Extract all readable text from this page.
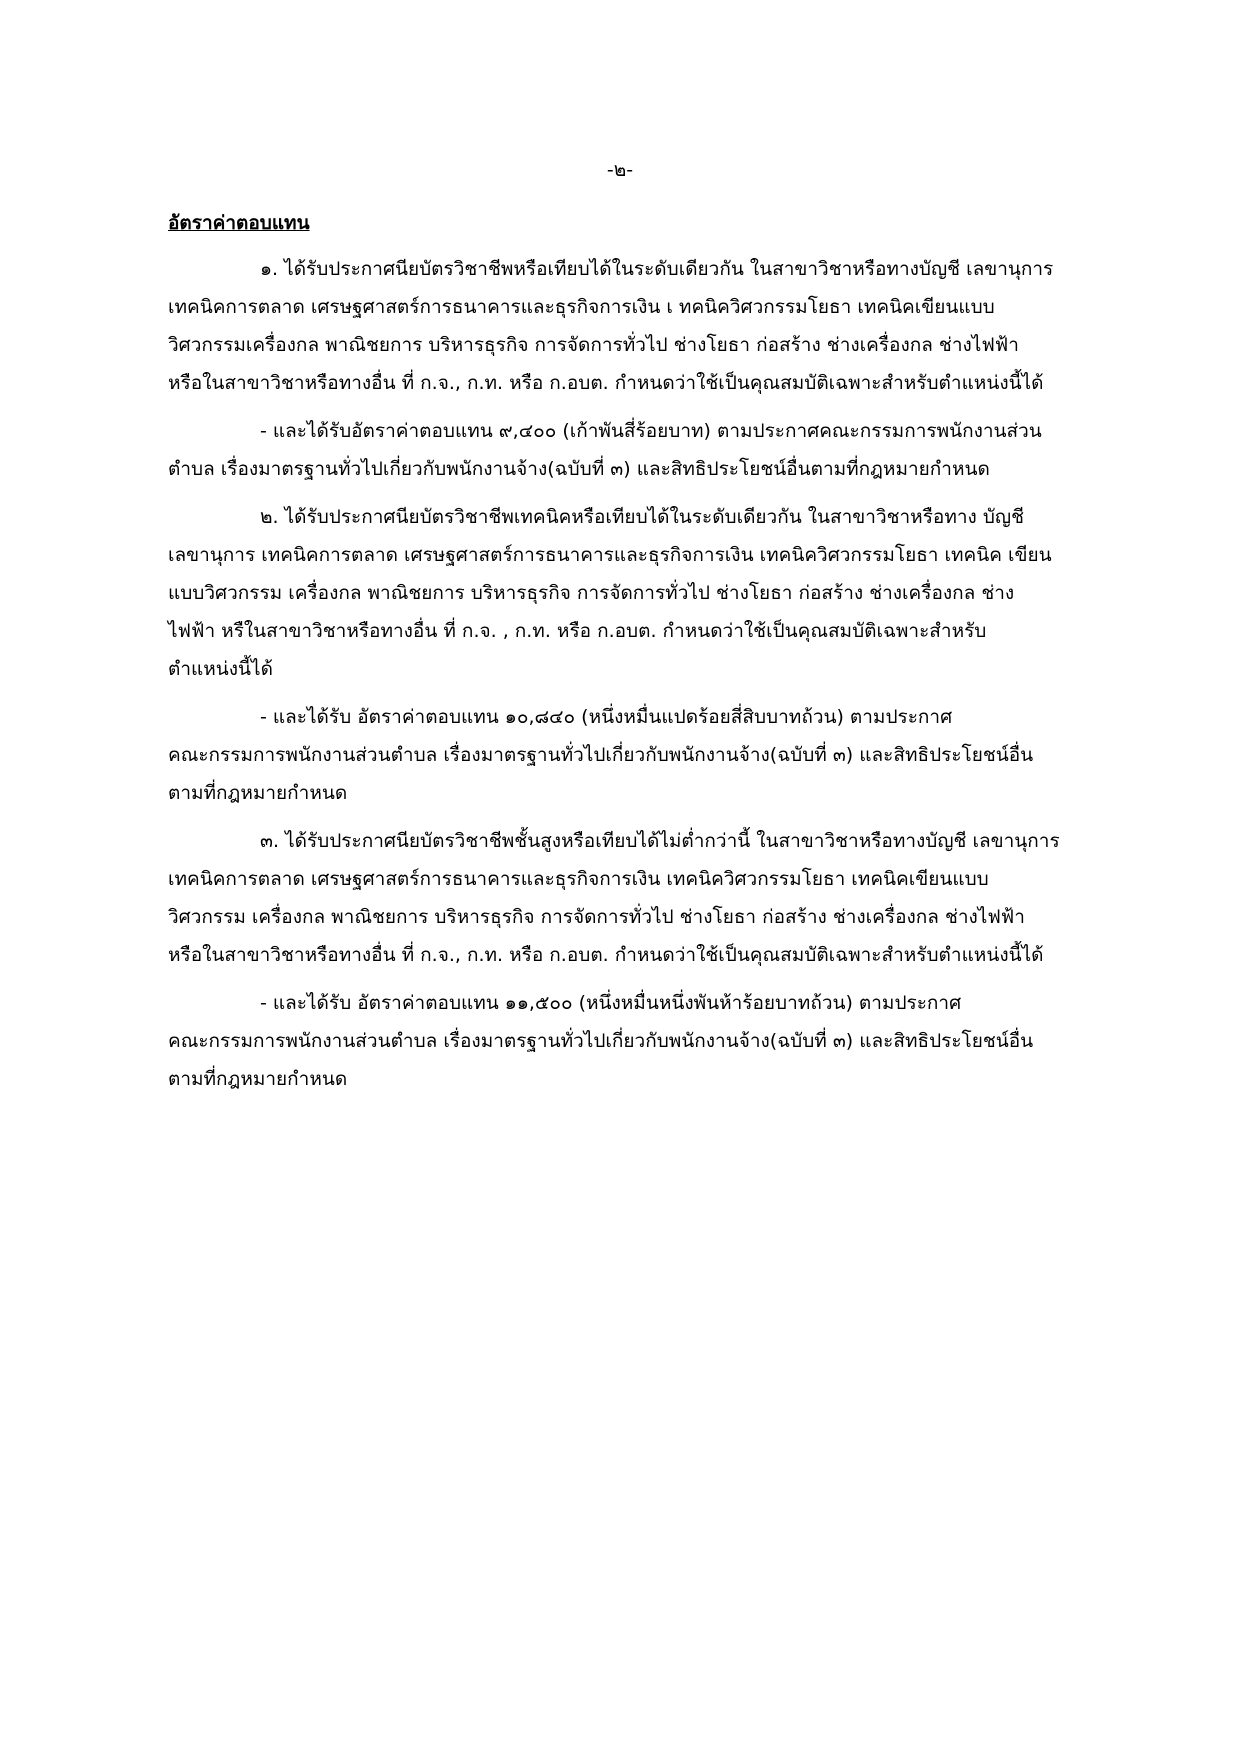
-๒-
อัตราค่าตอบแทน
๑. ได้รับประกาศนียบัตรวิชาชีพหรือเทียบได้ในระดับเดียวกัน ในสาขาวิชาหรือทางบัญชี เลขานุการ
เทคนิคการตลาด เศรษฐศาสตร์การธนาคารและธุรกิจการเงิน เ ทคนิควิศวกรรมโยธา เทคนิคเขียนแบบ
วิศวกรรมเครื่องกล พาณิชยการ บริหารธุรกิจ การจัดการทั่วไป ช่างโยธา ก่อสร้าง ช่างเครื่องกล ช่างไฟฟ้า
หรือในสาขาวิชาหรือทางอื่น ที่ ก.จ., ก.ท. หรือ ก.อบต. กำหนดว่าใช้เป็นคุณสมบัติเฉพาะสำหรับตำแหน่งนี้ได้
- และได้รับอัตราค่าตอบแทน ๙,๔๐๐ (เก้าพันสี่ร้อยบาท) ตามประกาศคณะกรรมการพนักงานส่วน
ตำบล เรื่องมาตรฐานทั่วไปเกี่ยวกับพนักงานจ้าง(ฉบับที่ ๓) และสิทธิประโยชน์อื่นตามที่กฎหมายกำหนด
๒. ได้รับประกาศนียบัตรวิชาชีพเทคนิคหรือเทียบได้ในระดับเดียวกัน ในสาขาวิชาหรือทาง บัญชี
เลขานุการ เทคนิคการตลาด เศรษฐศาสตร์การธนาคารและธุรกิจการเงิน เทคนิควิศวกรรมโยธา เทคนิค เขียน
แบบวิศวกรรม เครื่องกล พาณิชยการ บริหารธุรกิจ การจัดการทั่วไป ช่างโยธา ก่อสร้าง ช่างเครื่องกล ช่าง
ไฟฟ้า หรืในสาขาวิชาหรือทางอื่น ที่ ก.จ. , ก.ท. หรือ ก.อบต. กำหนดว่าใช้เป็นคุณสมบัติเฉพาะสำหรับ
ตำแหน่งนี้ได้
- และได้รับ อัตราค่าตอบแทน ๑๐,๘๔๐ (หนึ่งหมื่นแปดร้อยสี่สิบบาทถ้วน) ตามประกาศ
คณะกรรมการพนักงานส่วนตำบล เรื่องมาตรฐานทั่วไปเกี่ยวกับพนักงานจ้าง(ฉบับที่ ๓) และสิทธิประโยชน์อื่น
ตามที่กฎหมายกำหนด
๓. ได้รับประกาศนียบัตรวิชาชีพชั้นสูงหรือเทียบได้ไม่ต่ำกว่านี้ ในสาขาวิชาหรือทางบัญชี เลขานุการ
เทคนิคการตลาด เศรษฐศาสตร์การธนาคารและธุรกิจการเงิน เทคนิควิศวกรรมโยธา เทคนิคเขียนแบบ
วิศวกรรม เครื่องกล พาณิชยการ บริหารธุรกิจ การจัดการทั่วไป ช่างโยธา ก่อสร้าง ช่างเครื่องกล ช่างไฟฟ้า
หรือในสาขาวิชาหรือทางอื่น ที่ ก.จ., ก.ท. หรือ ก.อบต. กำหนดว่าใช้เป็นคุณสมบัติเฉพาะสำหรับตำแหน่งนี้ได้
- และได้รับ อัตราค่าตอบแทน ๑๑,๕๐๐ (หนึ่งหมื่นหนึ่งพันห้าร้อยบาทถ้วน) ตามประกาศ
คณะกรรมการพนักงานส่วนตำบล เรื่องมาตรฐานทั่วไปเกี่ยวกับพนักงานจ้าง(ฉบับที่ ๓) และสิทธิประโยชน์อื่น
ตามที่กฎหมายกำหนด
